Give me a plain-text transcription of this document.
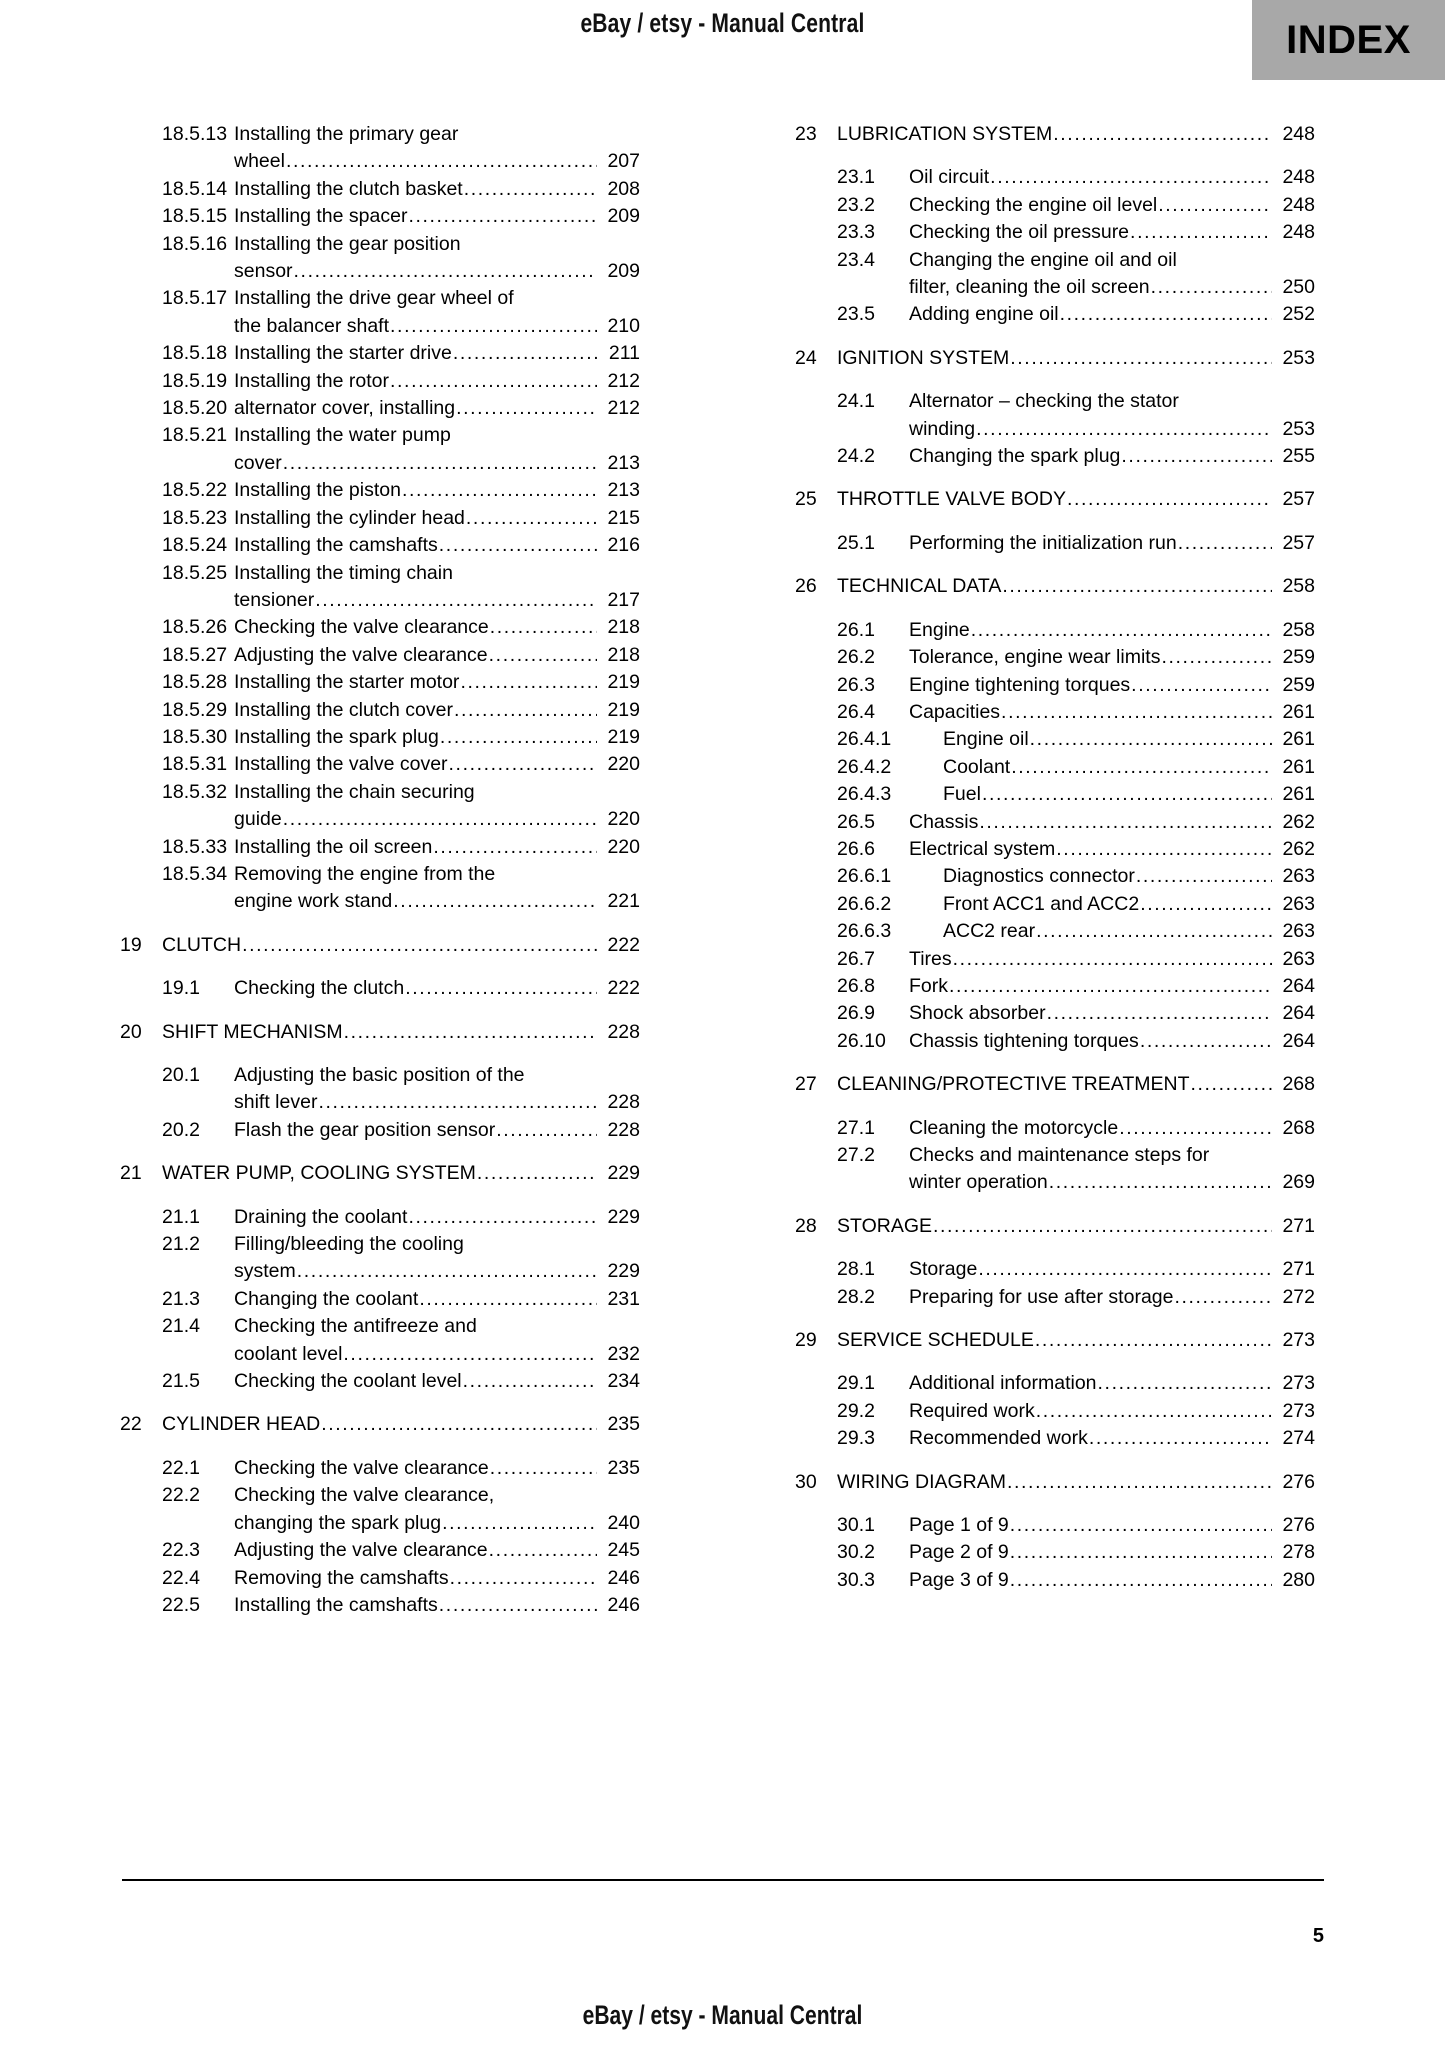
eBay / etsy - Manual Central	INDEX
18.5.13 Installing the primary gear
wheel .....	207
18.5.14 Installing the clutch basket .....	208
18.5.15 Installing the spacer .....	209
18.5.16 Installing the gear position
sensor .....	209
18.5.17 Installing the drive gear wheel of
the balancer shaft .....	210
18.5.18 Installing the starter drive .....	211
18.5.19 Installing the rotor .....	212
18.5.20 alternator cover, installing .....	212
18.5.21 Installing the water pump
cover .....	213
18.5.22 Installing the piston .....	213
18.5.23 Installing the cylinder head .....	215
18.5.24 Installing the camshafts .....	216
18.5.25 Installing the timing chain
tensioner .....	217
18.5.26 Checking the valve clearance .....	218
18.5.27 Adjusting the valve clearance .....	218
18.5.28 Installing the starter motor .....	219
18.5.29 Installing the clutch cover .....	219
18.5.30 Installing the spark plug .....	219
18.5.31 Installing the valve cover .....	220
18.5.32 Installing the chain securing
guide .....	220
18.5.33 Installing the oil screen .....	220
18.5.34 Removing the engine from the
engine work stand .....	221
19	CLUTCH .....	222
19.1	Checking the clutch .....	222
20	SHIFT MECHANISM .....	228
20.1	Adjusting the basic position of the
shift lever .....	228
20.2	Flash the gear position sensor .....	228
21	WATER PUMP, COOLING SYSTEM .....	229
21.1	Draining the coolant .....	229
21.2	Filling/bleeding the cooling
system .....	229
21.3	Changing the coolant .....	231
21.4	Checking the antifreeze and
coolant level .....	232
21.5	Checking the coolant level .....	234
22	CYLINDER HEAD .....	235
22.1	Checking the valve clearance .....	235
22.2	Checking the valve clearance,
changing the spark plug .....	240
22.3	Adjusting the valve clearance .....	245
22.4	Removing the camshafts .....	246
22.5	Installing the camshafts .....	246
23	LUBRICATION SYSTEM .....	248
23.1	Oil circuit .....	248
23.2	Checking the engine oil level .....	248
23.3	Checking the oil pressure .....	248
23.4	Changing the engine oil and oil
filter, cleaning the oil screen .....	250
23.5	Adding engine oil .....	252
24	IGNITION SYSTEM .....	253
24.1	Alternator – checking the stator
winding .....	253
24.2	Changing the spark plug .....	255
25	THROTTLE VALVE BODY .....	257
25.1	Performing the initialization run .....	257
26	TECHNICAL DATA .....	258
26.1	Engine .....	258
26.2	Tolerance, engine wear limits .....	259
26.3	Engine tightening torques .....	259
26.4	Capacities .....	261
26.4.1	Engine oil .....	261
26.4.2	Coolant .....	261
26.4.3	Fuel .....	261
26.5	Chassis .....	262
26.6	Electrical system .....	262
26.6.1	Diagnostics connector .....	263
26.6.2	Front ACC1 and ACC2 .....	263
26.6.3	ACC2 rear .....	263
26.7	Tires .....	263
26.8	Fork .....	264
26.9	Shock absorber .....	264
26.10	Chassis tightening torques .....	264
27	CLEANING/PROTECTIVE TREATMENT .....	268
27.1	Cleaning the motorcycle .....	268
27.2	Checks and maintenance steps for
winter operation .....	269
28	STORAGE .....	271
28.1	Storage .....	271
28.2	Preparing for use after storage .....	272
29	SERVICE SCHEDULE .....	273
29.1	Additional information .....	273
29.2	Required work .....	273
29.3	Recommended work .....	274
30	WIRING DIAGRAM .....	276
30.1	Page 1 of 9 .....	276
30.2	Page 2 of 9 .....	278
30.3	Page 3 of 9 .....	280
5
eBay / etsy - Manual Central
